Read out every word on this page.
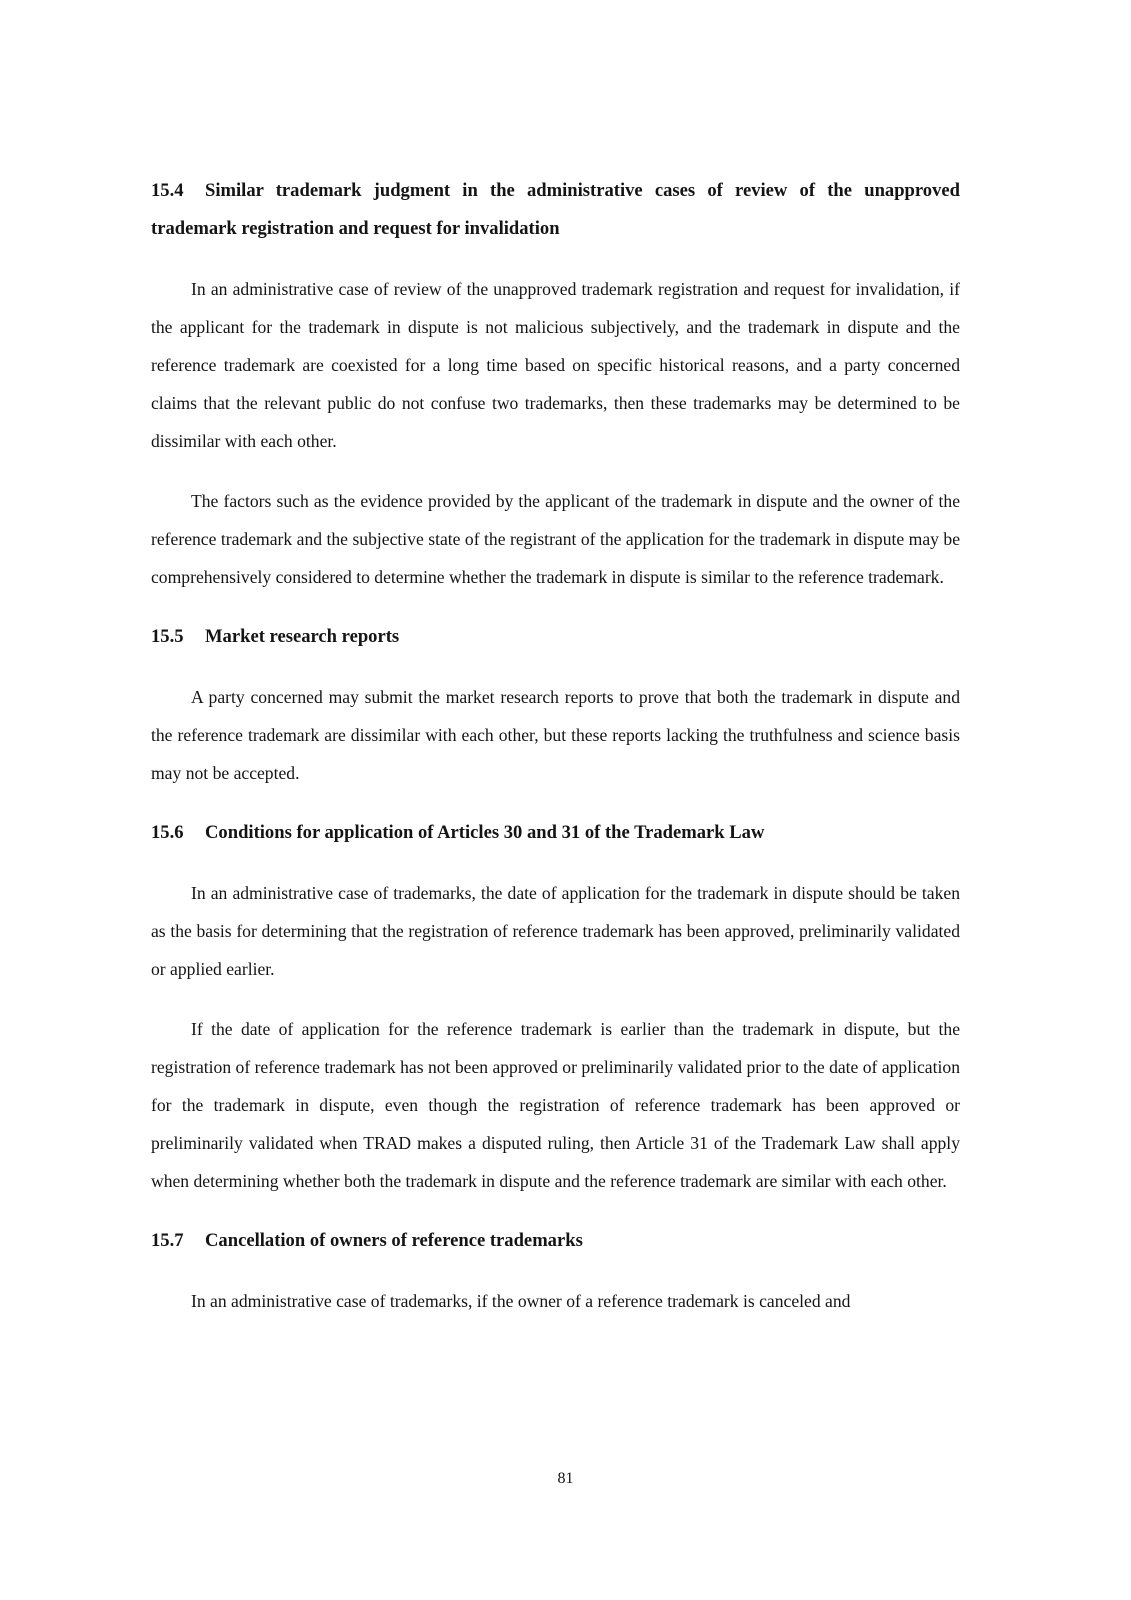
15.4 Similar trademark judgment in the administrative cases of review of the unapproved trademark registration and request for invalidation

In an administrative case of review of the unapproved trademark registration and request for invalidation, if the applicant for the trademark in dispute is not malicious subjectively, and the trademark in dispute and the reference trademark are coexisted for a long time based on specific historical reasons, and a party concerned claims that the relevant public do not confuse two trademarks, then these trademarks may be determined to be dissimilar with each other.

The factors such as the evidence provided by the applicant of the trademark in dispute and the owner of the reference trademark and the subjective state of the registrant of the application for the trademark in dispute may be comprehensively considered to determine whether the trademark in dispute is similar to the reference trademark.

15.5 Market research reports

A party concerned may submit the market research reports to prove that both the trademark in dispute and the reference trademark are dissimilar with each other, but these reports lacking the truthfulness and science basis may not be accepted.

15.6 Conditions for application of Articles 30 and 31 of the Trademark Law

In an administrative case of trademarks, the date of application for the trademark in dispute should be taken as the basis for determining that the registration of reference trademark has been approved, preliminarily validated or applied earlier.

If the date of application for the reference trademark is earlier than the trademark in dispute, but the registration of reference trademark has not been approved or preliminarily validated prior to the date of application for the trademark in dispute, even though the registration of reference trademark has been approved or preliminarily validated when TRAD makes a disputed ruling, then Article 31 of the Trademark Law shall apply when determining whether both the trademark in dispute and the reference trademark are similar with each other.

15.7 Cancellation of owners of reference trademarks

In an administrative case of trademarks, if the owner of a reference trademark is canceled and

81
